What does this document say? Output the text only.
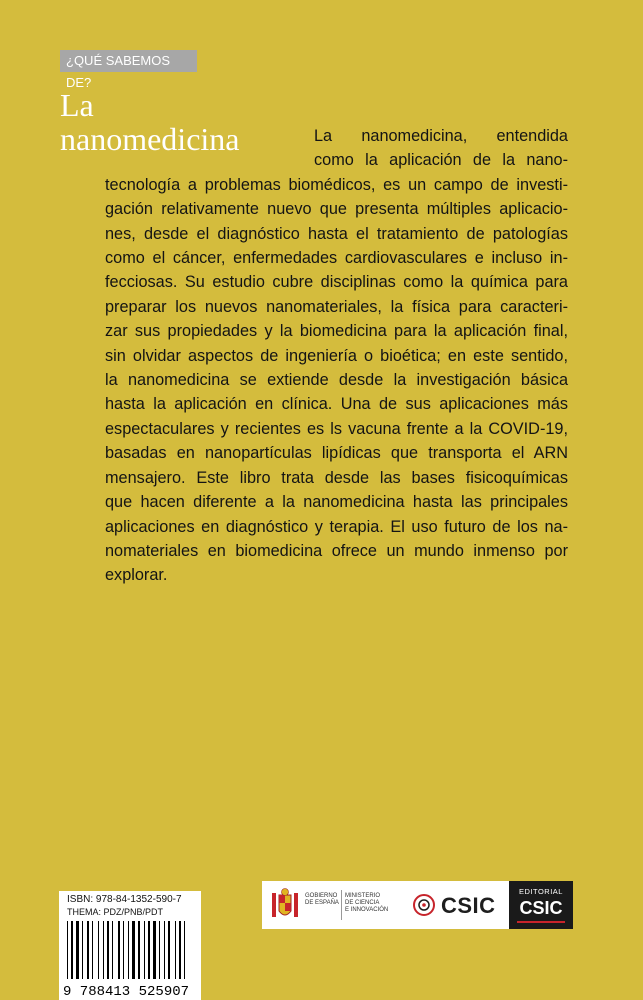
¿QUÉ SABEMOS DE?
La
nanomedicina	La nanomedicina, entendida
como la aplicación de la nano-
tecnología a problemas biomédicos, es un campo de investi-
gación relativamente nuevo que presenta múltiples aplicacio-
nes, desde el diagnóstico hasta el tratamiento de patologías
como el cáncer, enfermedades cardiovasculares e incluso in-
fecciosas. Su estudio cubre disciplinas como la química para
preparar los nuevos nanomateriales, la física para caracteri-
zar sus propiedades y la biomedicina para la aplicación final,
sin olvidar aspectos de ingeniería o bioética; en este sentido,
la nanomedicina se extiende desde la investigación básica
hasta la aplicación en clínica. Una de sus aplicaciones más
espectaculares y recientes es ls vacuna frente a la COVID-19,
basadas en nanopartículas lipídicas que transporta el ARN
mensajero. Este libro trata desde las bases fisicoquímicas
que hacen diferente a la nanomedicina hasta las principales
aplicaciones en diagnóstico y terapia. El uso futuro de los na-
nomateriales en biomedicina ofrece un mundo inmenso por
explorar.
ISBN: 978-84-1352-590-7
THEMA: PDZ/PNB/PDT
9 788413 525907
GOBIERNO
DE ESPAÑA
MINISTERIO
DE CIENCIA
E INNOVACIÓN CSIC
EDITORIAL
CSIC
